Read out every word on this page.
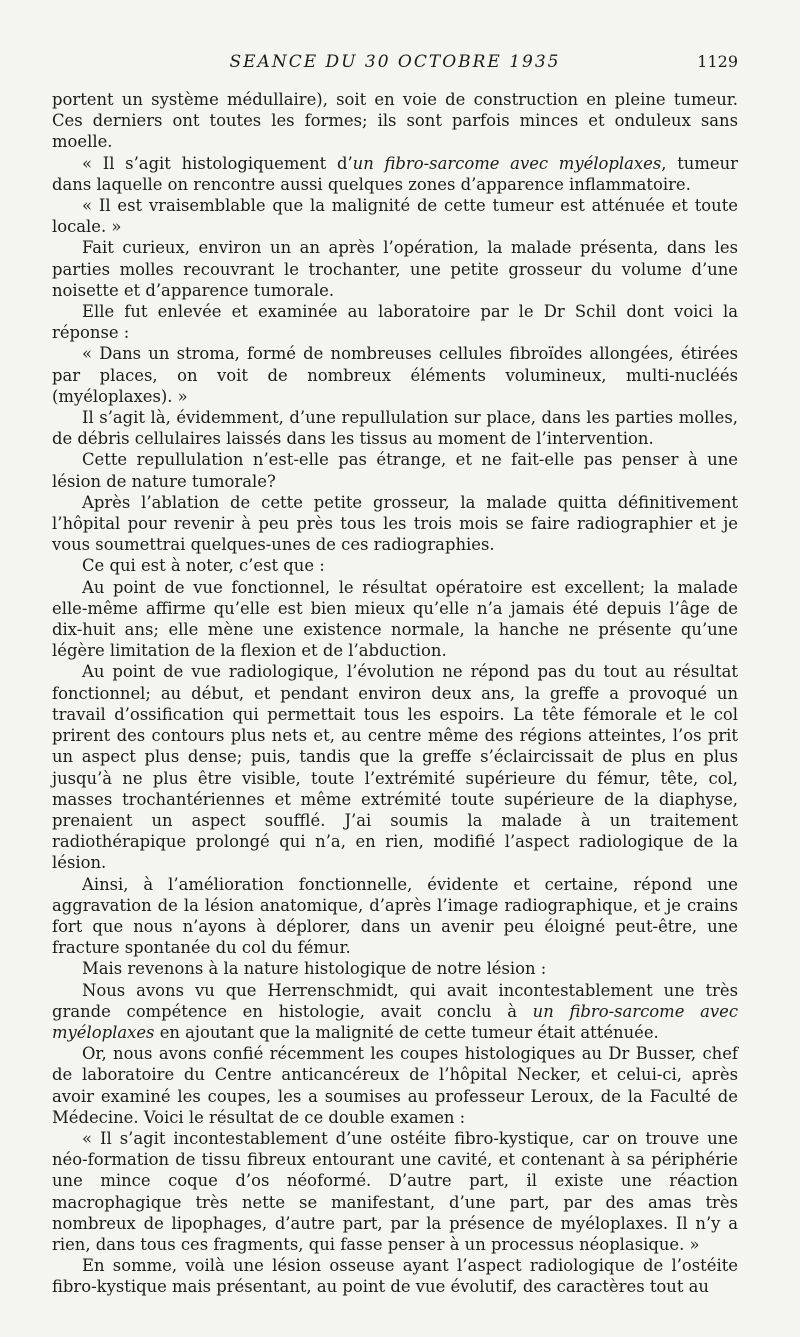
SEANCE DU 30 OCTOBRE 1935	1129

portent un système médullaire), soit en voie de construction en pleine tumeur. Ces derniers ont toutes les formes; ils sont parfois minces et onduleux sans moelle.

« Il s’agit histologiquement d’un fibro-sarcome avec myéloplaxes, tumeur dans laquelle on rencontre aussi quelques zones d’apparence inflammatoire.

« Il est vraisemblable que la malignité de cette tumeur est atténuée et toute locale. »

Fait curieux, environ un an après l’opération, la malade présenta, dans les parties molles recouvrant le trochanter, une petite grosseur du volume d’une noisette et d’apparence tumorale.

Elle fut enlevée et examinée au laboratoire par le Dr Schil dont voici la réponse :

« Dans un stroma, formé de nombreuses cellules fibroïdes allongées, étirées par places, on voit de nombreux éléments volumineux, multi-nucléés (myéloplaxes). »

Il s’agit là, évidemment, d’une repullulation sur place, dans les parties molles, de débris cellulaires laissés dans les tissus au moment de l’intervention.

Cette repullulation n’est-elle pas étrange, et ne fait-elle pas penser à une lésion de nature tumorale?

Après l’ablation de cette petite grosseur, la malade quitta définitivement l’hôpital pour revenir à peu près tous les trois mois se faire radiographier et je vous soumettrai quelques-unes de ces radiographies.

Ce qui est à noter, c’est que :

Au point de vue fonctionnel, le résultat opératoire est excellent; la malade elle-même affirme qu’elle est bien mieux qu’elle n’a jamais été depuis l’âge de dix-huit ans; elle mène une existence normale, la hanche ne présente qu’une légère limitation de la flexion et de l’abduction.

Au point de vue radiologique, l’évolution ne répond pas du tout au résultat fonctionnel; au début, et pendant environ deux ans, la greffe a provoqué un travail d’ossification qui permettait tous les espoirs. La tête fémorale et le col prirent des contours plus nets et, au centre même des régions atteintes, l’os prit un aspect plus dense; puis, tandis que la greffe s’éclaircissait de plus en plus jusqu’à ne plus être visible, toute l’extrémité supérieure du fémur, tête, col, masses trochantériennes et même extrémité toute supérieure de la diaphyse, prenaient un aspect soufflé. J’ai soumis la malade à un traitement radiothérapique prolongé qui n’a, en rien, modifié l’aspect radiologique de la lésion.

Ainsi, à l’amélioration fonctionnelle, évidente et certaine, répond une aggravation de la lésion anatomique, d’après l’image radiographique, et je crains fort que nous n’ayons à déplorer, dans un avenir peu éloigné peut-être, une fracture spontanée du col du fémur.

Mais revenons à la nature histologique de notre lésion :

Nous avons vu que Herrenschmidt, qui avait incontestablement une très grande compétence en histologie, avait conclu à un fibro-sarcome avec myéloplaxes en ajoutant que la malignité de cette tumeur était atténuée.

Or, nous avons confié récemment les coupes histologiques au Dr Busser, chef de laboratoire du Centre anticancéreux de l’hôpital Necker, et celui-ci, après avoir examiné les coupes, les a soumises au professeur Leroux, de la Faculté de Médecine. Voici le résultat de ce double examen :

« Il s’agit incontestablement d’une ostéite fibro-kystique, car on trouve une néo-formation de tissu fibreux entourant une cavité, et contenant à sa périphérie une mince coque d’os néoformé. D’autre part, il existe une réaction macrophagique très nette se manifestant, d’une part, par des amas très nombreux de lipophages, d’autre part, par la présence de myéloplaxes. Il n’y a rien, dans tous ces fragments, qui fasse penser à un processus néoplasique. »

En somme, voilà une lésion osseuse ayant l’aspect radiologique de l’ostéite fibro-kystique mais présentant, au point de vue évolutif, des caractères tout au
